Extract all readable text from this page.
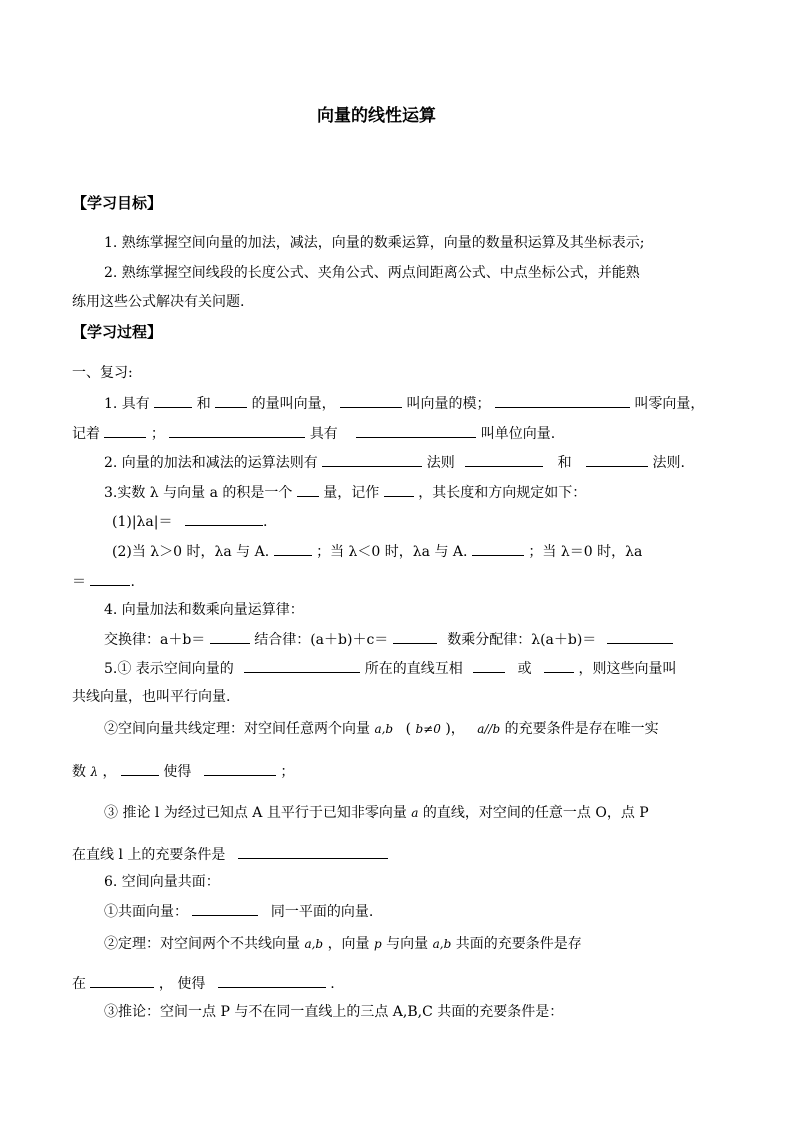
向量的线性运算
【学习目标】
1. 熟练掌握空间向量的加法，减法，向量的数乘运算，向量的数量积运算及其坐标表示;
2. 熟练掌握空间线段的长度公式、夹角公式、两点间距离公式、中点坐标公式，并能熟
练用这些公式解决有关问题.
【学习过程】
一、复习:
1. 具有	和	的量叫向量，	叫向量的模；	叫零向量，
记着	；	具有	叫单位向量.
2. 向量的加法和减法的运算法则有	法则	和	法则.
3.实数 λ 与向量 a 的积是一个 量，记作	，其长度和方向规定如下：
(1)|λa|＝	.
(2)当 λ＞0 时，λa 与 A.	；当 λ＜0 时，λa 与 A.	；当 λ＝0 时，λa
＝	.
4. 向量加法和数乘向量运算律：
交换律：a＋b＝	结合律：(a＋b)＋c＝	数乘分配律：λ(a＋b)＝
5.① 表示空间向量的	所在的直线互相	或	，则这些向量叫
共线向量，也叫平行向量.
②空间向量共线定理：对空间任意两个向量 a,b ( b≠0 )， a//b 的充要条件是存在唯一实
数 λ ，	使得	；
③ 推论 l 为经过已知点 A 且平行于已知非零向量 a 的直线，对空间的任意一点 O，点 P
在直线 l 上的充要条件是
6. 空间向量共面：
①共面向量：	同一平面的向量.
②定理：对空间两个不共线向量 a,b ，向量 p 与向量 a,b 共面的充要条件是存
在	， 使得	.
③推论：空间一点 P 与不在同一直线上的三点 A,B,C 共面的充要条件是：
